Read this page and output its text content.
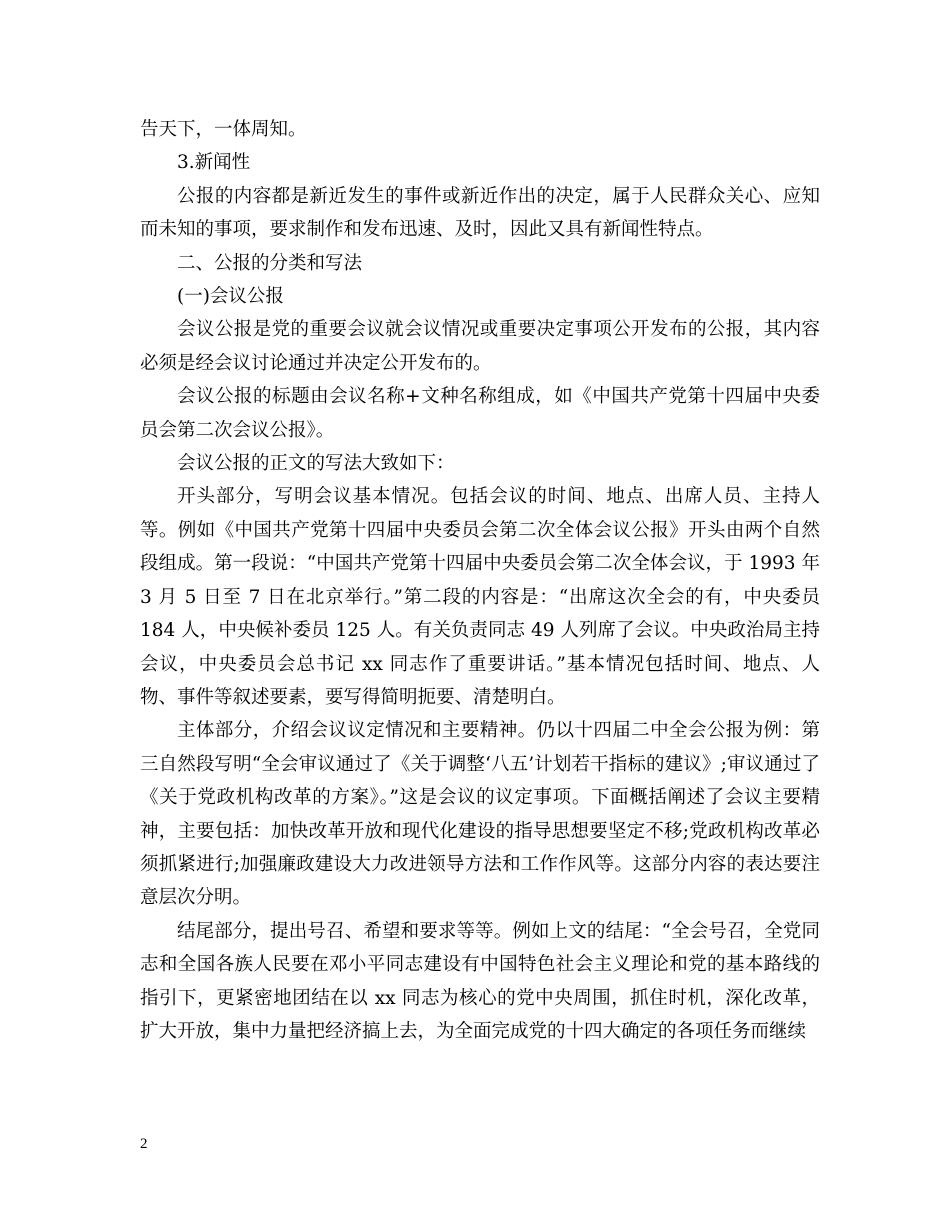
告天下，一体周知。

3.新闻性

公报的内容都是新近发生的事件或新近作出的决定，属于人民群众关心、应知而未知的事项，要求制作和发布迅速、及时，因此又具有新闻性特点。

二、公报的分类和写法

(一)会议公报

会议公报是党的重要会议就会议情况或重要决定事项公开发布的公报，其内容必须是经会议讨论通过并决定公开发布的。

会议公报的标题由会议名称+文种名称组成，如《中国共产党第十四届中央委员会第二次会议公报》。

会议公报的正文的写法大致如下：

开头部分，写明会议基本情况。包括会议的时间、地点、出席人员、主持人等。例如《中国共产党第十四届中央委员会第二次全体会议公报》开头由两个自然段组成。第一段说：“中国共产党第十四届中央委员会第二次全体会议，于 1993 年 3 月 5 日至 7 日在北京举行。”第二段的内容是：“出席这次全会的有，中央委员 184 人，中央候补委员 125 人。有关负责同志 49 人列席了会议。中央政治局主持会议，中央委员会总书记 xx 同志作了重要讲话。”基本情况包括时间、地点、人物、事件等叙述要素，要写得简明扼要、清楚明白。

主体部分，介绍会议议定情况和主要精神。仍以十四届二中全会公报为例：第三自然段写明“全会审议通过了《关于调整‘八五’计划若干指标的建议》;审议通过了《关于党政机构改革的方案》。”这是会议的议定事项。下面概括阐述了会议主要精神，主要包括：加快改革开放和现代化建设的指导思想要坚定不移;党政机构改革必须抓紧进行;加强廉政建设大力改进领导方法和工作作风等。这部分内容的表达要注意层次分明。

结尾部分，提出号召、希望和要求等等。例如上文的结尾：“全会号召，全党同志和全国各族人民要在邓小平同志建设有中国特色社会主义理论和党的基本路线的指引下，更紧密地团结在以 xx 同志为核心的党中央周围，抓住时机，深化改革，扩大开放，集中力量把经济搞上去，为全面完成党的十四大确定的各项任务而继续

2
